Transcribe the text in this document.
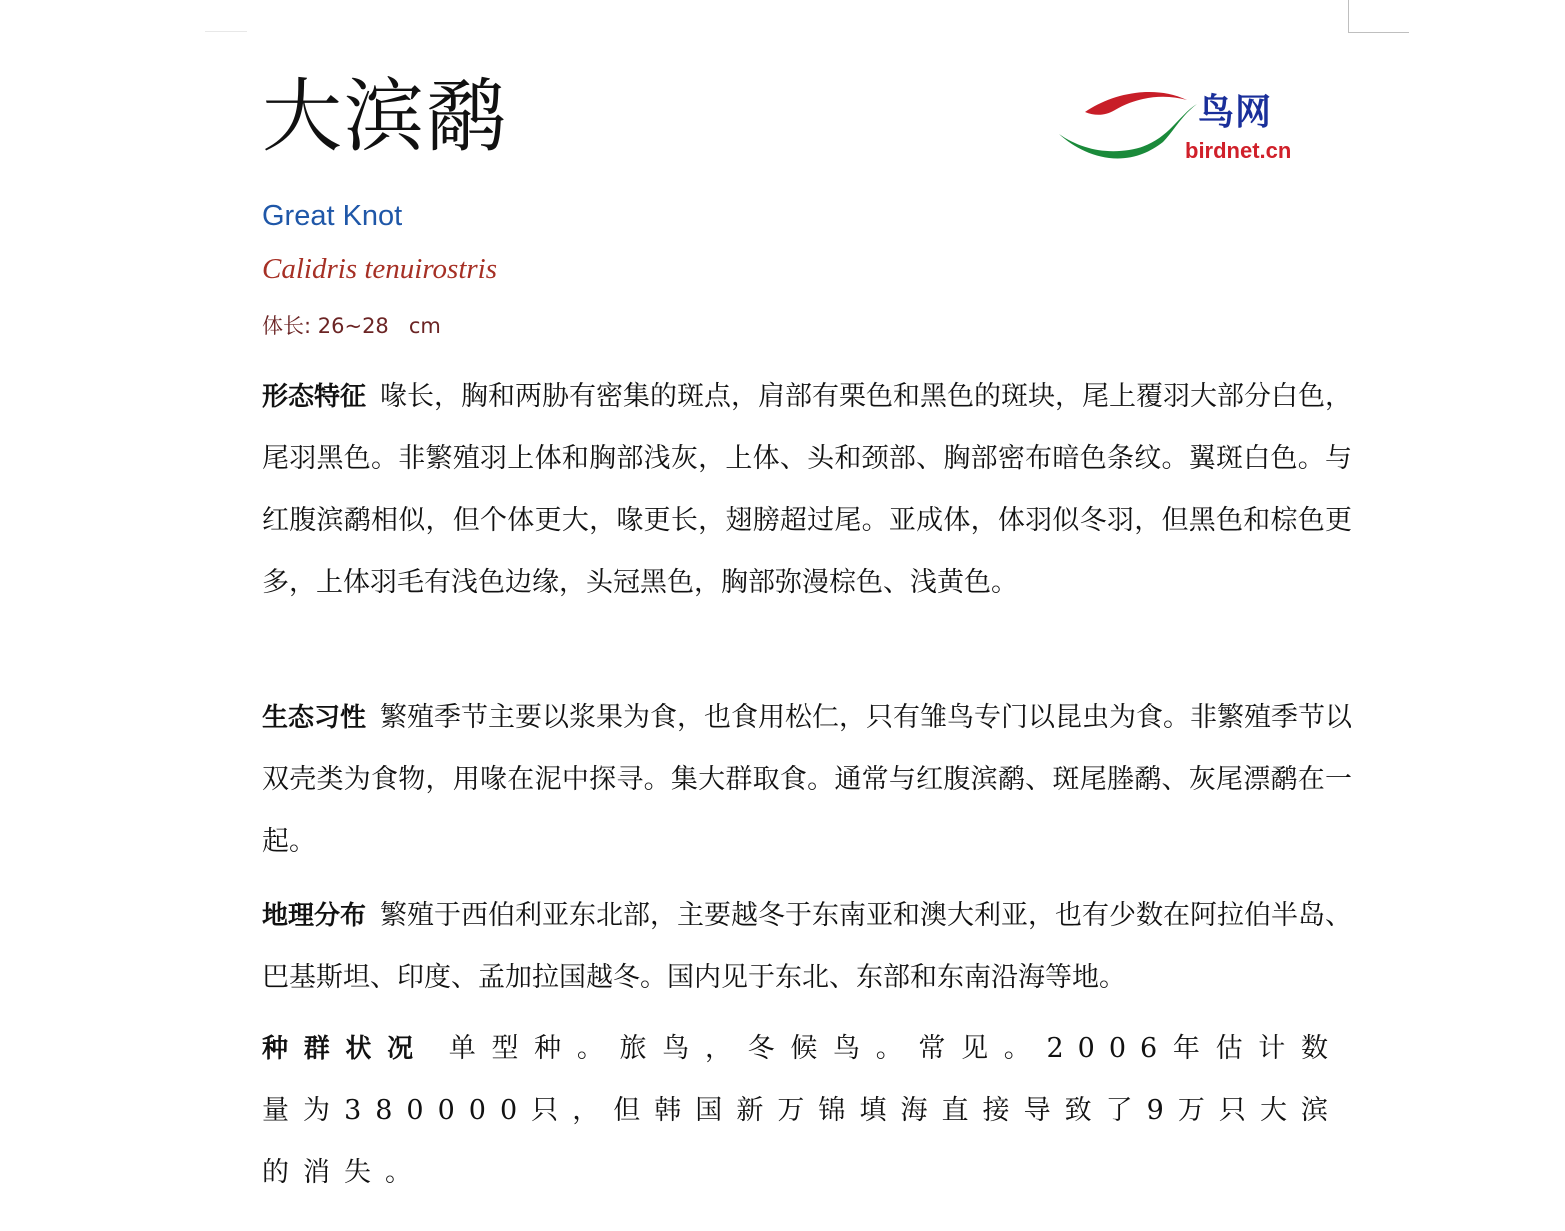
大滨鹬	鸟网
birdnet.cn
Great Knot
Calidris tenuirostris
体长: 26~28   cm

形态特征 喙长，胸和两胁有密集的斑点，肩部有栗色和黑色的斑块，尾上覆羽大部分白色，尾羽黑色。非繁殖羽上体和胸部浅灰，上体、头和颈部、胸部密布暗色条纹。翼斑白色。与红腹滨鹬相似，但个体更大，喙更长，翅膀超过尾。亚成体，体羽似冬羽，但黑色和棕色更多，上体羽毛有浅色边缘，头冠黑色，胸部弥漫棕色、浅黄色。

生态习性 繁殖季节主要以浆果为食，也食用松仁，只有雏鸟专门以昆虫为食。非繁殖季节以双壳类为食物，用喙在泥中探寻。集大群取食。通常与红腹滨鹬、斑尾塍鹬、灰尾漂鹬在一起。

地理分布 繁殖于西伯利亚东北部，主要越冬于东南亚和澳大利亚，也有少数在阿拉伯半岛、巴基斯坦、印度、孟加拉国越冬。国内见于东北、东部和东南沿海等地。

种群状况 单型种。旅鸟，冬候鸟。常见。2006年估计数量为380000只，但韩国新万锦填海直接导致了9万只大滨的消失。
